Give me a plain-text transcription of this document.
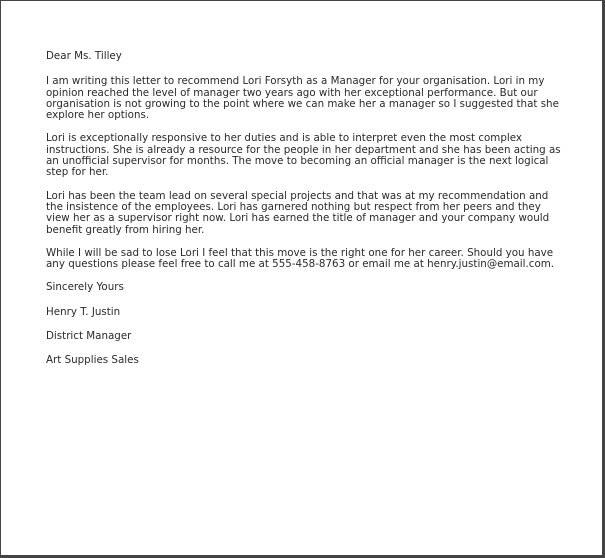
Dear Ms. Tilley

I am writing this letter to recommend Lori Forsyth as a Manager for your organisation. Lori in my opinion reached the level of manager two years ago with her exceptional performance. But our organisation is not growing to the point where we can make her a manager so I suggested that she explore her options.

Lori is exceptionally responsive to her duties and is able to interpret even the most complex instructions. She is already a resource for the people in her department and she has been acting as an unofficial supervisor for months. The move to becoming an official manager is the next logical step for her.

Lori has been the team lead on several special projects and that was at my recommendation and the insistence of the employees. Lori has garnered nothing but respect from her peers and they view her as a supervisor right now. Lori has earned the title of manager and your company would benefit greatly from hiring her.

While I will be sad to lose Lori I feel that this move is the right one for her career. Should you have any questions please feel free to call me at 555-458-8763 or email me at henry.justin@email.com.

Sincerely Yours

Henry T. Justin

District Manager

Art Supplies Sales
